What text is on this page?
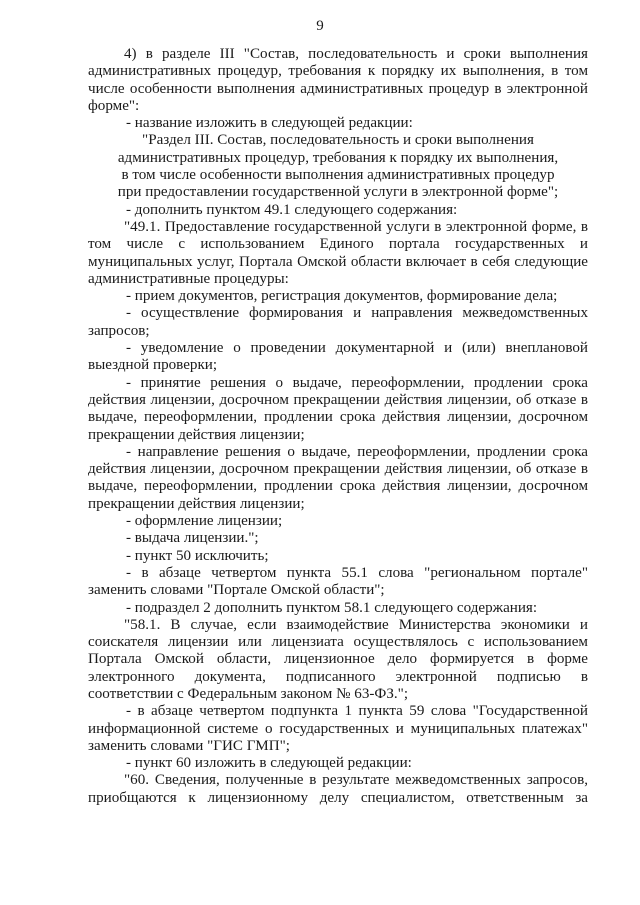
9
4) в разделе III "Состав, последовательность и сроки выполнения
административных процедур, требования к порядку их выполнения, в том
числе особенности выполнения административных процедур в электронной
форме":
- название изложить в следующей редакции:
"Раздел III. Состав, последовательность и сроки выполнения
административных процедур, требования к порядку их выполнения,
в том числе особенности выполнения административных процедур
при предоставлении государственной услуги в электронной форме";
- дополнить пунктом 49.1 следующего содержания:
"49.1. Предоставление государственной услуги в электронной форме, в
том числе с использованием Единого портала государственных и
муниципальных услуг, Портала Омской области включает в себя следующие
административные процедуры:
- прием документов, регистрация документов, формирование дела;
- осуществление формирования и направления межведомственных
запросов;
- уведомление о проведении документарной и (или) внеплановой
выездной проверки;
- принятие решения о выдаче, переоформлении, продлении срока
действия лицензии, досрочном прекращении действия лицензии, об отказе в
выдаче, переоформлении, продлении срока действия лицензии, досрочном
прекращении действия лицензии;
- направление решения о выдаче, переоформлении, продлении срока
действия лицензии, досрочном прекращении действия лицензии, об отказе в
выдаче, переоформлении, продлении срока действия лицензии, досрочном
прекращении действия лицензии;
- оформление лицензии;
- выдача лицензии.";
- пункт 50 исключить;
- в абзаце четвертом пункта 55.1 слова "региональном портале"
заменить словами "Портале Омской области";
- подраздел 2 дополнить пунктом 58.1 следующего содержания:
"58.1. В случае, если взаимодействие Министерства экономики и
соискателя лицензии или лицензиата осуществлялось с использованием
Портала Омской области, лицензионное дело формируется в форме
электронного документа, подписанного электронной подписью в
соответствии с Федеральным законом № 63-ФЗ.";
- в абзаце четвертом подпункта 1 пункта 59 слова "Государственной
информационной системе о государственных и муниципальных платежах"
заменить словами "ГИС ГМП";
- пункт 60 изложить в следующей редакции:
"60. Сведения, полученные в результате межведомственных запросов,
приобщаются к лицензионному делу специалистом, ответственным за
